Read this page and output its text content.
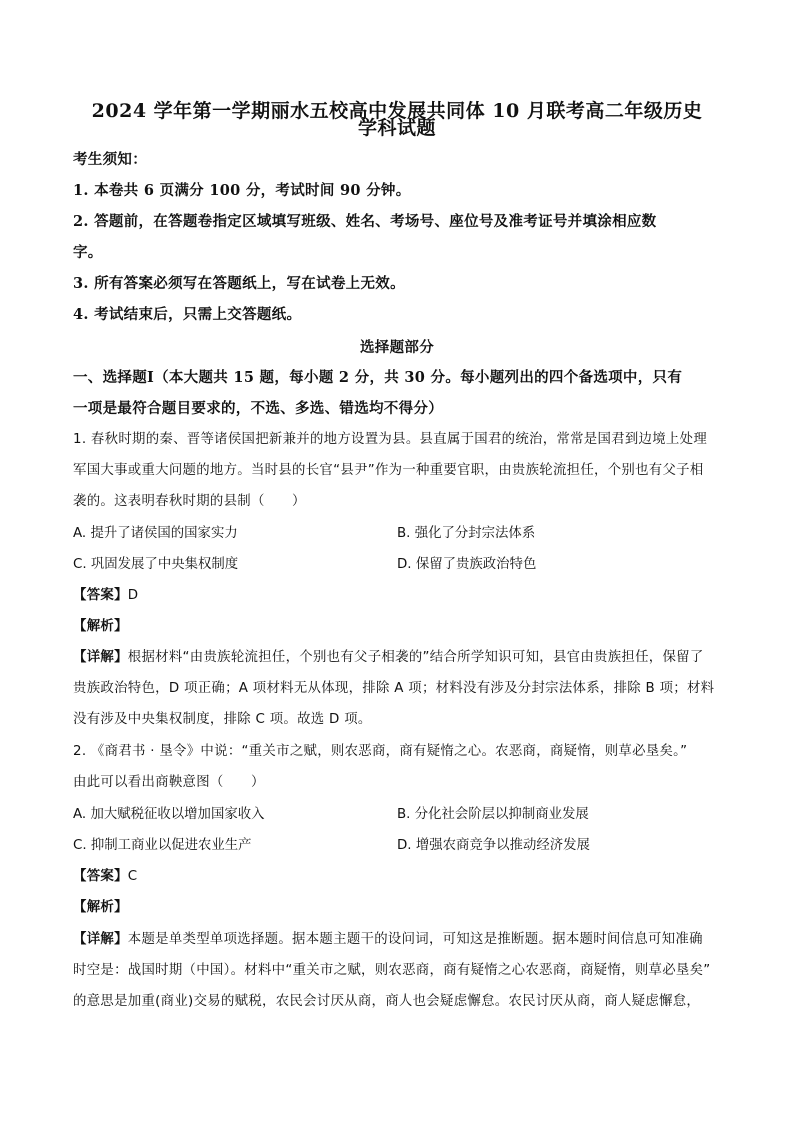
2024 学年第一学期丽水五校高中发展共同体 10 月联考高二年级历史
学科试题
考生须知：
1. 本卷共 6 页满分 100 分，考试时间 90 分钟。
2. 答题前，在答题卷指定区域填写班级、姓名、考场号、座位号及准考证号并填涂相应数
字。
3. 所有答案必须写在答题纸上，写在试卷上无效。
4. 考试结束后，只需上交答题纸。
选择题部分
一、选择题Ⅰ（本大题共 15 题，每小题 2 分，共 30 分。每小题列出的四个备选项中，只有
一项是最符合题目要求的，不选、多选、错选均不得分）
1. 春秋时期的秦、晋等诸侯国把新兼并的地方设置为县。县直属于国君的统治，常常是国君到边境上处理
军国大事或重大问题的地方。当时县的长官“县尹”作为一种重要官职，由贵族轮流担任，个别也有父子相
袭的。这表明春秋时期的县制（　　）
A. 提升了诸侯国的国家实力	B. 强化了分封宗法体系
C. 巩固发展了中央集权制度	D. 保留了贵族政治特色
【答案】D
【解析】
【详解】根据材料“由贵族轮流担任，个别也有父子相袭的”结合所学知识可知，县官由贵族担任，保留了
贵族政治特色，D 项正确；A 项材料无从体现，排除 A 项；材料没有涉及分封宗法体系，排除 B 项；材料
没有涉及中央集权制度，排除 C 项。故选 D 项。
2. 《商君书 · 垦令》中说：“重关市之赋，则农恶商，商有疑惰之心。农恶商，商疑惰，则草必垦矣。”
由此可以看出商鞅意图（　　）
A. 加大赋税征收以增加国家收入	B. 分化社会阶层以抑制商业发展
C. 抑制工商业以促进农业生产	D. 增强农商竞争以推动经济发展
【答案】C
【解析】
【详解】本题是单类型单项选择题。据本题主题干的设问词，可知这是推断题。据本题时间信息可知准确
时空是：战国时期（中国）。材料中“重关市之赋，则农恶商，商有疑惰之心农恶商，商疑惰，则草必垦矣”
的意思是加重(商业)交易的赋税，农民会讨厌从商，商人也会疑虑懈怠。农民讨厌从商，商人疑虑懈怠，
